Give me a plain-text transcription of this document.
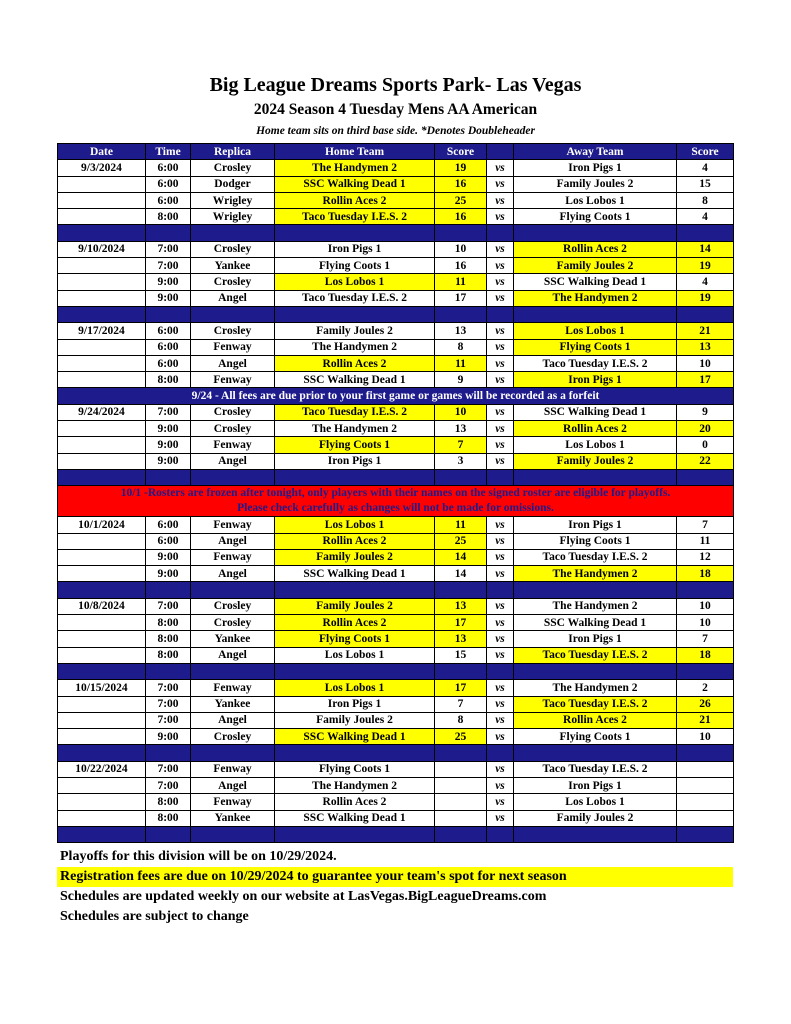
Big League Dreams Sports Park- Las Vegas
2024 Season 4 Tuesday Mens AA American
Home team sits on third base side. *Denotes Doubleheader
Date	Time	Replica	Home Team	Score		Away Team	Score
9/3/2024	6:00	Crosley	The Handymen 2	19	vs	Iron Pigs 1	4
	6:00	Dodger	SSC Walking Dead 1	16	vs	Family Joules 2	15
	6:00	Wrigley	Rollin Aces 2	25	vs	Los Lobos 1	8
	8:00	Wrigley	Taco Tuesday I.E.S. 2	16	vs	Flying Coots 1	4

9/10/2024	7:00	Crosley	Iron Pigs 1	10	vs	Rollin Aces 2	14
	7:00	Yankee	Flying Coots 1	16	vs	Family Joules 2	19
	9:00	Crosley	Los Lobos 1	11	vs	SSC Walking Dead 1	4
	9:00	Angel	Taco Tuesday I.E.S. 2	17	vs	The Handymen 2	19

9/17/2024	6:00	Crosley	Family Joules 2	13	vs	Los Lobos 1	21
	6:00	Fenway	The Handymen 2	8	vs	Flying Coots 1	13
	6:00	Angel	Rollin Aces 2	11	vs	Taco Tuesday I.E.S. 2	10
	8:00	Fenway	SSC Walking Dead 1	9	vs	Iron Pigs 1	17
9/24 - All fees are due prior to your first game or games will be recorded as a forfeit							
9/24/2024	7:00	Crosley	Taco Tuesday I.E.S. 2	10	vs	SSC Walking Dead 1	9
	9:00	Crosley	The Handymen 2	13	vs	Rollin Aces 2	20
	9:00	Fenway	Flying Coots 1	7	vs	Los Lobos 1	0
	9:00	Angel	Iron Pigs 1	3	vs	Family Joules 2	22

10/1 -Rosters are frozen after tonight, only players with their names on the signed roster are eligible for playoffs.
Please check carefully as changes will not be made for omissions.							

10/1/2024	6:00	Fenway	Los Lobos 1	11	vs	Iron Pigs 1	7
	6:00	Angel	Rollin Aces 2	25	vs	Flying Coots 1	11
	9:00	Fenway	Family Joules 2	14	vs	Taco Tuesday I.E.S. 2	12
	9:00	Angel	SSC Walking Dead 1	14	vs	The Handymen 2	18

10/8/2024	7:00	Crosley	Family Joules 2	13	vs	The Handymen 2	10
	8:00	Crosley	Rollin Aces 2	17	vs	SSC Walking Dead 1	10
	8:00	Yankee	Flying Coots 1	13	vs	Iron Pigs 1	7
	8:00	Angel	Los Lobos 1	15	vs	Taco Tuesday I.E.S. 2	18

10/15/2024	7:00	Fenway	Los Lobos 1	17	vs	The Handymen 2	2
	7:00	Yankee	Iron Pigs 1	7	vs	Taco Tuesday I.E.S. 2	26
	7:00	Angel	Family Joules 2	8	vs	Rollin Aces 2	21
	9:00	Crosley	SSC Walking Dead 1	25	vs	Flying Coots 1	10

10/22/2024	7:00	Fenway	Flying Coots 1		vs	Taco Tuesday I.E.S. 2	
	7:00	Angel	The Handymen 2		vs	Iron Pigs 1	
	8:00	Fenway	Rollin Aces 2		vs	Los Lobos 1	
	8:00	Yankee	SSC Walking Dead 1		vs	Family Joules 2	

Playoffs for this division will be on 10/29/2024.
Registration fees are due on 10/29/2024 to guarantee your team's spot for next season
Schedules are updated weekly on our website at LasVegas.BigLeagueDreams.com
Schedules are subject to change
